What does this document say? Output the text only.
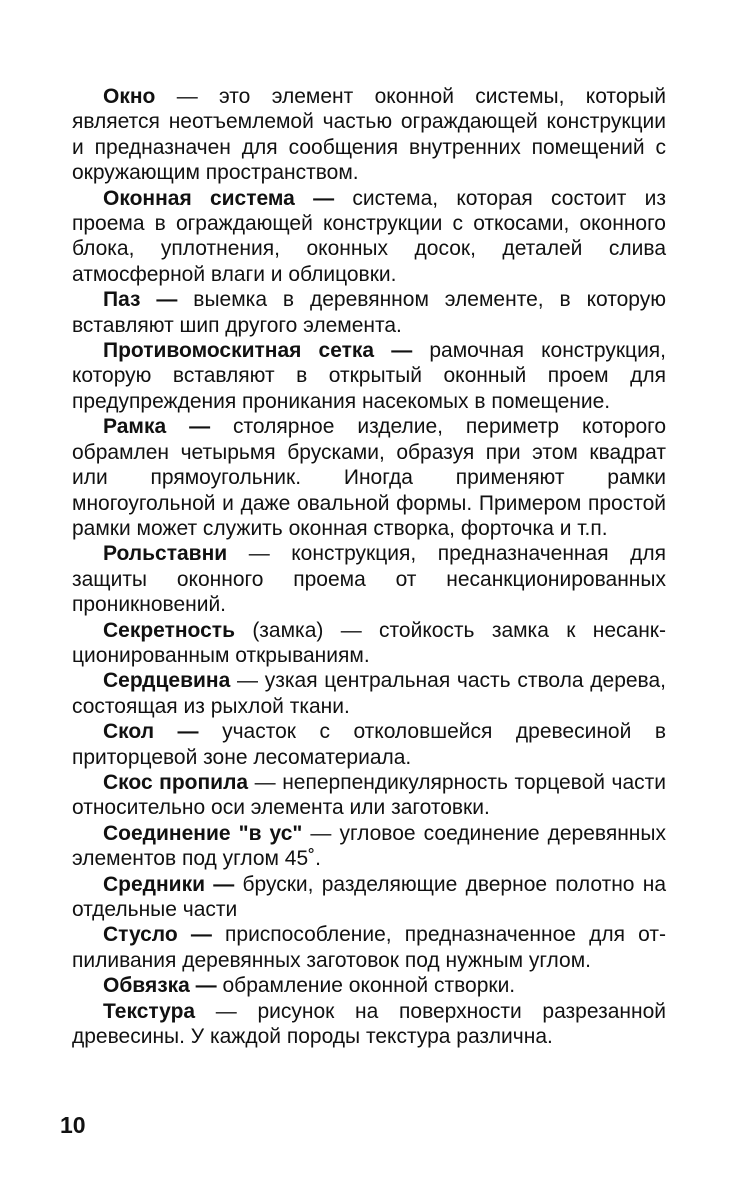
Окно — это элемент оконной системы, который является неотъемлемой частью ограждающей конструкции и предназначен для сообщения внутренних помещений с окружающим пространством.

Оконная система — система, которая состоит из проема в ограждающей конструкции с откосами, оконного блока, уплотнения, оконных досок, деталей слива атмосферной влаги и облицовки.

Паз — выемка в деревянном элементе, в которую вставляют шип другого элемента.

Противомоскитная сетка — рамочная конструкция, которую вставляют в открытый оконный проем для предупреждения проникания насекомых в помещение.

Рамка — столярное изделие, периметр которого обрамлен четырьмя брусками, образуя при этом квадрат или прямоугольник. Иногда применяют рамки многоугольной и даже овальной формы. Примером простой рамки может служить оконная створка, форточка и т.п.

Рольставни — конструкция, предназначенная для защиты оконного проема от несанкционированных проникновений.

Секретность (замка) — стойкость замка к несанкционированным открываниям.

Сердцевина — узкая центральная часть ствола дерева, состоящая из рыхлой ткани.

Скол — участок с отколовшейся древесиной в приторцевой зоне лесоматериала.

Скос пропила — неперпендикулярность торцевой части относительно оси элемента или заготовки.

Соединение "в ус" — угловое соединение деревянных элементов под углом 45˚.

Средники — бруски, разделяющие дверное полотно на отдельные части

Стусло — приспособление, предназначенное для отпиливания деревянных заготовок под нужным углом.

Обвязка — обрамление оконной створки.

Текстура — рисунок на поверхности разрезанной древесины. У каждой породы текстура различна.

10
